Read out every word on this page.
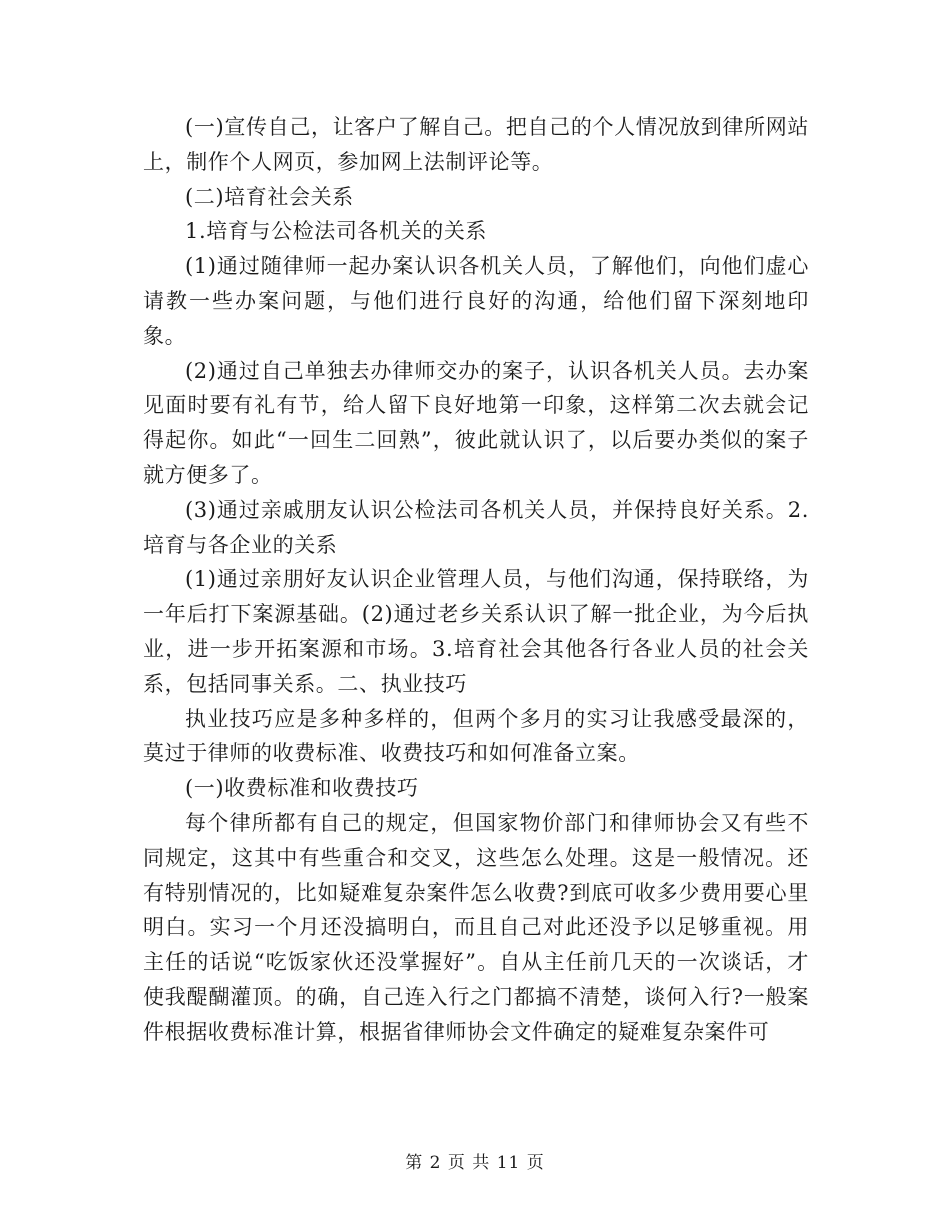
(一)宣传自己，让客户了解自己。把自己的个人情况放到律所网站上，制作个人网页，参加网上法制评论等。

(二)培育社会关系

1.培育与公检法司各机关的关系

(1)通过随律师一起办案认识各机关人员，了解他们，向他们虚心请教一些办案问题，与他们进行良好的沟通，给他们留下深刻地印象。

(2)通过自己单独去办律师交办的案子，认识各机关人员。去办案见面时要有礼有节，给人留下良好地第一印象，这样第二次去就会记得起你。如此“一回生二回熟”，彼此就认识了，以后要办类似的案子就方便多了。

(3)通过亲戚朋友认识公检法司各机关人员，并保持良好关系。2.培育与各企业的关系

(1)通过亲朋好友认识企业管理人员，与他们沟通，保持联络，为一年后打下案源基础。(2)通过老乡关系认识了解一批企业，为今后执业，进一步开拓案源和市场。3.培育社会其他各行各业人员的社会关系，包括同事关系。二、执业技巧

执业技巧应是多种多样的，但两个多月的实习让我感受最深的，莫过于律师的收费标准、收费技巧和如何准备立案。

(一)收费标准和收费技巧

每个律所都有自己的规定，但国家物价部门和律师协会又有些不同规定，这其中有些重合和交叉，这些怎么处理。这是一般情况。还有特别情况的，比如疑难复杂案件怎么收费?到底可收多少费用要心里明白。实习一个月还没搞明白，而且自己对此还没予以足够重视。用主任的话说“吃饭家伙还没掌握好”。自从主任前几天的一次谈话，才使我醍醐灌顶。的确，自己连入行之门都搞不清楚，谈何入行?一般案件根据收费标准计算，根据省律师协会文件确定的疑难复杂案件可

第 2 页 共 11 页
